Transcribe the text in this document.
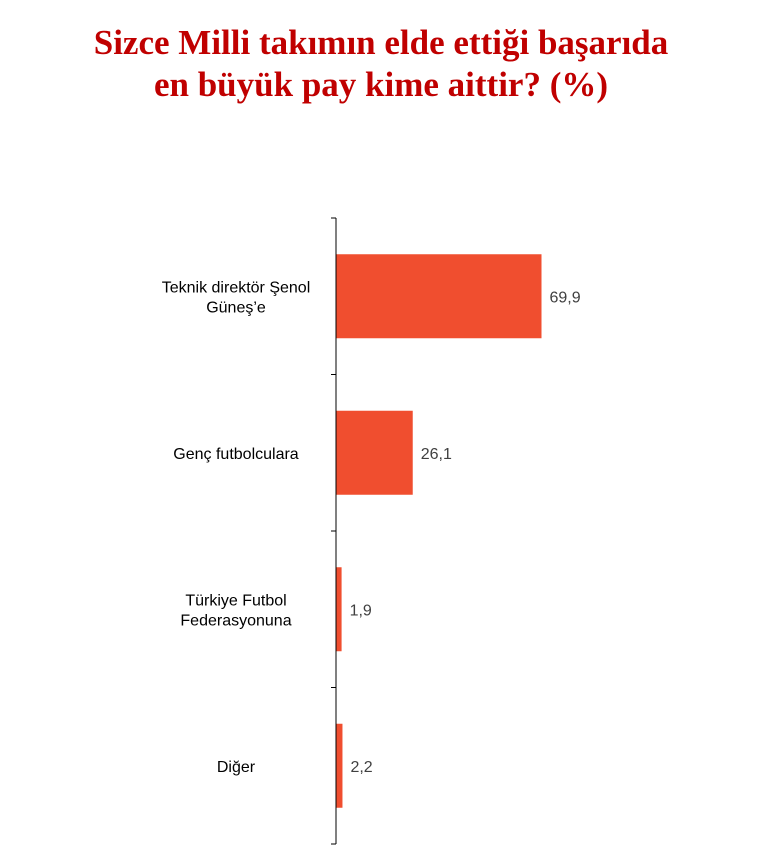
Sizce Milli takımın elde ettiği başarıda
en büyük pay kime aittir? (%)
69,9
Teknik direktör Şenol Güneş’e
26,1
Genç futbolculara
1,9
Türkiye Futbol Federasyonuna
2,2
Diğer
